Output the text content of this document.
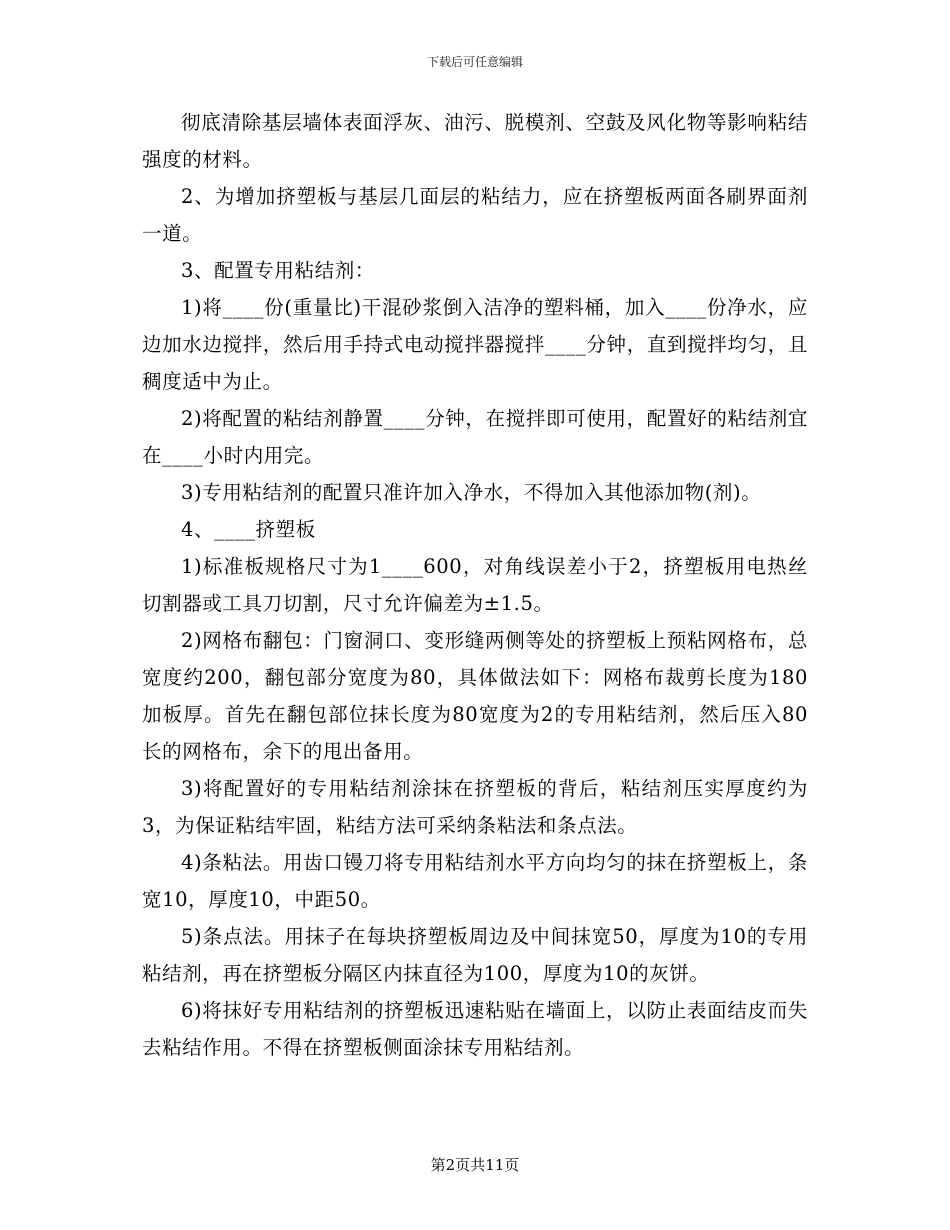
下载后可任意编辑

彻底清除基层墙体表面浮灰、油污、脱模剂、空鼓及风化物等影响粘结强度的材料。

2、为增加挤塑板与基层几面层的粘结力，应在挤塑板两面各刷界面剂一道。

3、配置专用粘结剂：

1)将____份(重量比)干混砂浆倒入洁净的塑料桶，加入____份净水，应边加水边搅拌，然后用手持式电动搅拌器搅拌____分钟，直到搅拌均匀，且稠度适中为止。

2)将配置的粘结剂静置____分钟，在搅拌即可使用，配置好的粘结剂宜在____小时内用完。

3)专用粘结剂的配置只准许加入净水，不得加入其他添加物(剂)。

4、____挤塑板

1)标准板规格尺寸为1____600，对角线误差小于2，挤塑板用电热丝切割器或工具刀切割，尺寸允许偏差为±1.5。

2)网格布翻包：门窗洞口、变形缝两侧等处的挤塑板上预粘网格布，总宽度约200，翻包部分宽度为80，具体做法如下：网格布裁剪长度为180加板厚。首先在翻包部位抹长度为80宽度为2的专用粘结剂，然后压入80长的网格布，余下的甩出备用。

3)将配置好的专用粘结剂涂抹在挤塑板的背后，粘结剂压实厚度约为3，为保证粘结牢固，粘结方法可采纳条粘法和条点法。

4)条粘法。用齿口镘刀将专用粘结剂水平方向均匀的抹在挤塑板上，条宽10，厚度10，中距50。

5)条点法。用抹子在每块挤塑板周边及中间抹宽50，厚度为10的专用粘结剂，再在挤塑板分隔区内抹直径为100，厚度为10的灰饼。

6)将抹好专用粘结剂的挤塑板迅速粘贴在墙面上，以防止表面结皮而失去粘结作用。不得在挤塑板侧面涂抹专用粘结剂。

第2页共11页
